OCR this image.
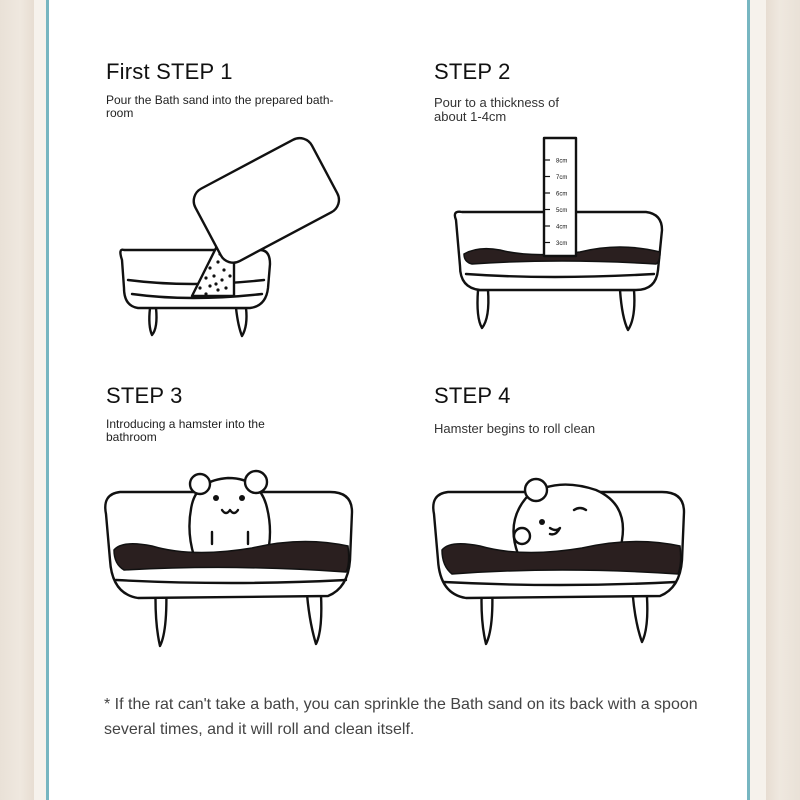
First STEP 1
Pour the Bath sand into the prepared bath-room
STEP 2
Pour to a thickness of about 1-4cm
8cm
7cm
6cm
5cm
4cm
3cm
STEP 3
Introducing a hamster into the bathroom
STEP 4
Hamster begins to roll clean
* If the rat can't take a bath, you can sprinkle the Bath sand on its back with a spoon several times, and it will roll and clean itself.
